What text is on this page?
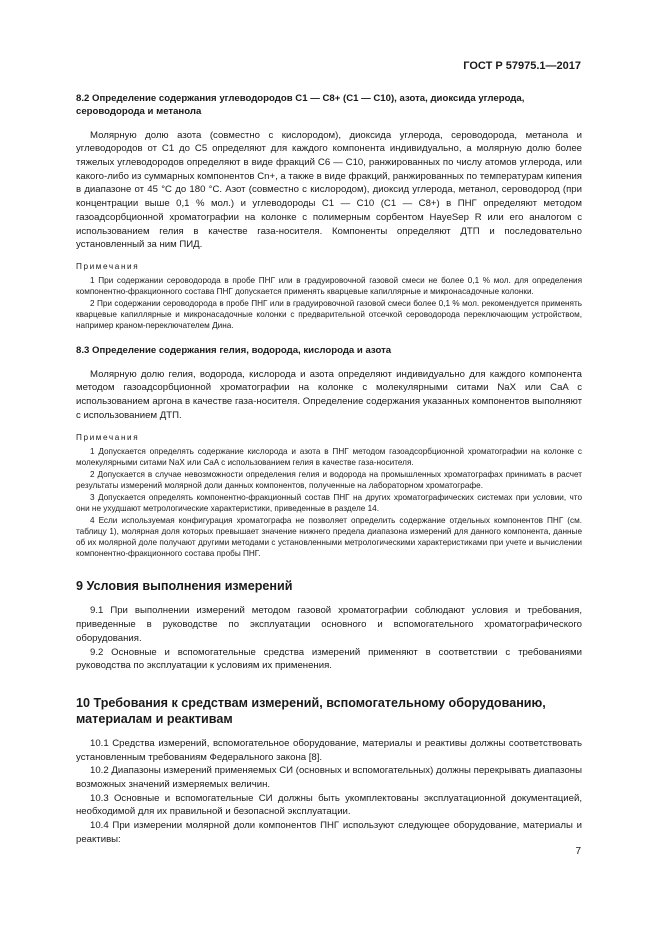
ГОСТ Р 57975.1—2017

8.2 Определение содержания углеводородов С1 — С8+ (С1 — С10), азота, диоксида углерода, сероводорода и метанола

Молярную долю азота (совместно с кислородом), диоксида углерода, сероводорода, метанола и углеводородов от С1 до С5 определяют для каждого компонента индивидуально, а молярную долю более тяжелых углеводородов определяют в виде фракций С6 — С10, ранжированных по числу атомов углерода, или какого-либо из суммарных компонентов Сn+, а также в виде фракций, ранжированных по температурам кипения в диапазоне от 45 °С до 180 °С. Азот (совместно с кислородом), диоксид углерода, метанол, сероводород (при концентрации выше 0,1 % мол.) и углеводороды С1 — С10 (С1 — С8+) в ПНГ определяют методом газоадсорбционной хроматографии на колонке с полимерным сорбентом HayeSep R или его аналогом с использованием гелия в качестве газа-носителя. Компоненты определяют ДТП и последовательно установленный за ним ПИД.

Примечания

1 При содержании сероводорода в пробе ПНГ или в градуировочной газовой смеси не более 0,1 % мол. для определения компонентно-фракционного состава ПНГ допускается применять кварцевые капиллярные и микронасадочные колонки.

2 При содержании сероводорода в пробе ПНГ или в градуировочной газовой смеси более 0,1 % мол. рекомендуется применять кварцевые капиллярные и микронасадочные колонки с предварительной отсечкой сероводорода переключающим устройством, например краном-переключателем Дина.

8.3 Определение содержания гелия, водорода, кислорода и азота

Молярную долю гелия, водорода, кислорода и азота определяют индивидуально для каждого компонента методом газоадсорбционной хроматографии на колонке с молекулярными ситами NaX или CaA с использованием аргона в качестве газа-носителя. Определение содержания указанных компонентов выполняют с использованием ДТП.

Примечания

1 Допускается определять содержание кислорода и азота в ПНГ методом газоадсорбционной хроматографии на колонке с молекулярными ситами NaX или CaA с использованием гелия в качестве газа-носителя.

2 Допускается в случае невозможности определения гелия и водорода на промышленных хроматографах принимать в расчет результаты измерений молярной доли данных компонентов, полученные на лабораторном хроматографе.

3 Допускается определять компонентно-фракционный состав ПНГ на других хроматографических системах при условии, что они не ухудшают метрологические характеристики, приведенные в разделе 14.

4 Если используемая конфигурация хроматографа не позволяет определить содержание отдельных компонентов ПНГ (см. таблицу 1), молярная доля которых превышает значение нижнего предела диапазона измерений для данного компонента, данные об их молярной доле получают другими методами с установленными метрологическими характеристиками при учете и вычислении компонентно-фракционного состава пробы ПНГ.

9 Условия выполнения измерений

9.1 При выполнении измерений методом газовой хроматографии соблюдают условия и требования, приведенные в руководстве по эксплуатации основного и вспомогательного хроматографического оборудования.

9.2 Основные и вспомогательные средства измерений применяют в соответствии с требованиями руководства по эксплуатации к условиям их применения.

10 Требования к средствам измерений, вспомогательному оборудованию, материалам и реактивам

10.1 Средства измерений, вспомогательное оборудование, материалы и реактивы должны соответствовать установленным требованиям Федерального закона [8].

10.2 Диапазоны измерений применяемых СИ (основных и вспомогательных) должны перекрывать диапазоны возможных значений измеряемых величин.

10.3 Основные и вспомогательные СИ должны быть укомплектованы эксплуатационной документацией, необходимой для их правильной и безопасной эксплуатации.

10.4 При измерении молярной доли компонентов ПНГ используют следующее оборудование, материалы и реактивы:

7
